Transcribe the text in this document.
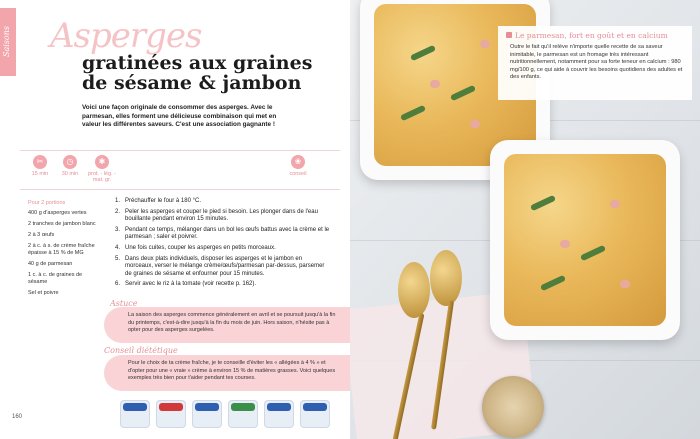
Saisons Asperges
gratinées aux graines de sésame & jambon

Voici une façon originale de consommer des asperges. Avec le parmesan, elles forment une délicieuse combinaison qui met en valeur les différentes saveurs. C'est une association gagnante !

✂
15 min
◷
30 min
✱
prot. - lég. - mat. gr.
❀
conseil
Pour 2 portions
400 g d'asperges vertes
2 tranches de jambon blanc
2 à 3 œufs
2 à c. à s. de crème fraîche épaisse à 15 % de MG
40 g de parmesan
1 c. à c. de graines de sésame
Sel et poivre
1. Préchauffer le four à 180 °C.
2. Peler les asperges et couper le pied si besoin. Les plonger dans de l'eau bouillante pendant environ 15 minutes.
3. Pendant ce temps, mélanger dans un bol les œufs battus avec la crème et le parmesan ; saler et poivrer.
4. Une fois cuites, couper les asperges en petits morceaux.
5. Dans deux plats individuels, disposer les asperges et le jambon en morceaux, verser le mélange crème/œufs/parmesan par-dessus, parsemer de graines de sésame et enfourner pour 15 minutes.
6. Servir avec le riz à la tomate (voir recette p. 162).
Astuce

La saison des asperges commence généralement en avril et se poursuit jusqu'à la fin du printemps, c'est-à-dire jusqu'à la fin du mois de juin. Hors saison, n'hésite pas à opter pour des asperges surgelées.

Conseil diététique

Pour le choix de ta crème fraîche, je te conseille d'éviter les « allégées à 4 % » et d'opter pour une « vraie » crème à environ 15 % de matières grasses. Voici quelques exemples très bien pour t'aider pendant tes courses.

160
Le parmesan, fort en goût et en calcium

Outre le fait qu'il relève n'importe quelle recette de sa saveur inimitable, le parmesan est un fromage très intéressant nutritionnellement, notamment pour sa forte teneur en calcium : 980 mg/100 g, ce qui aide à couvrir les besoins quotidiens des adultes et des enfants.
